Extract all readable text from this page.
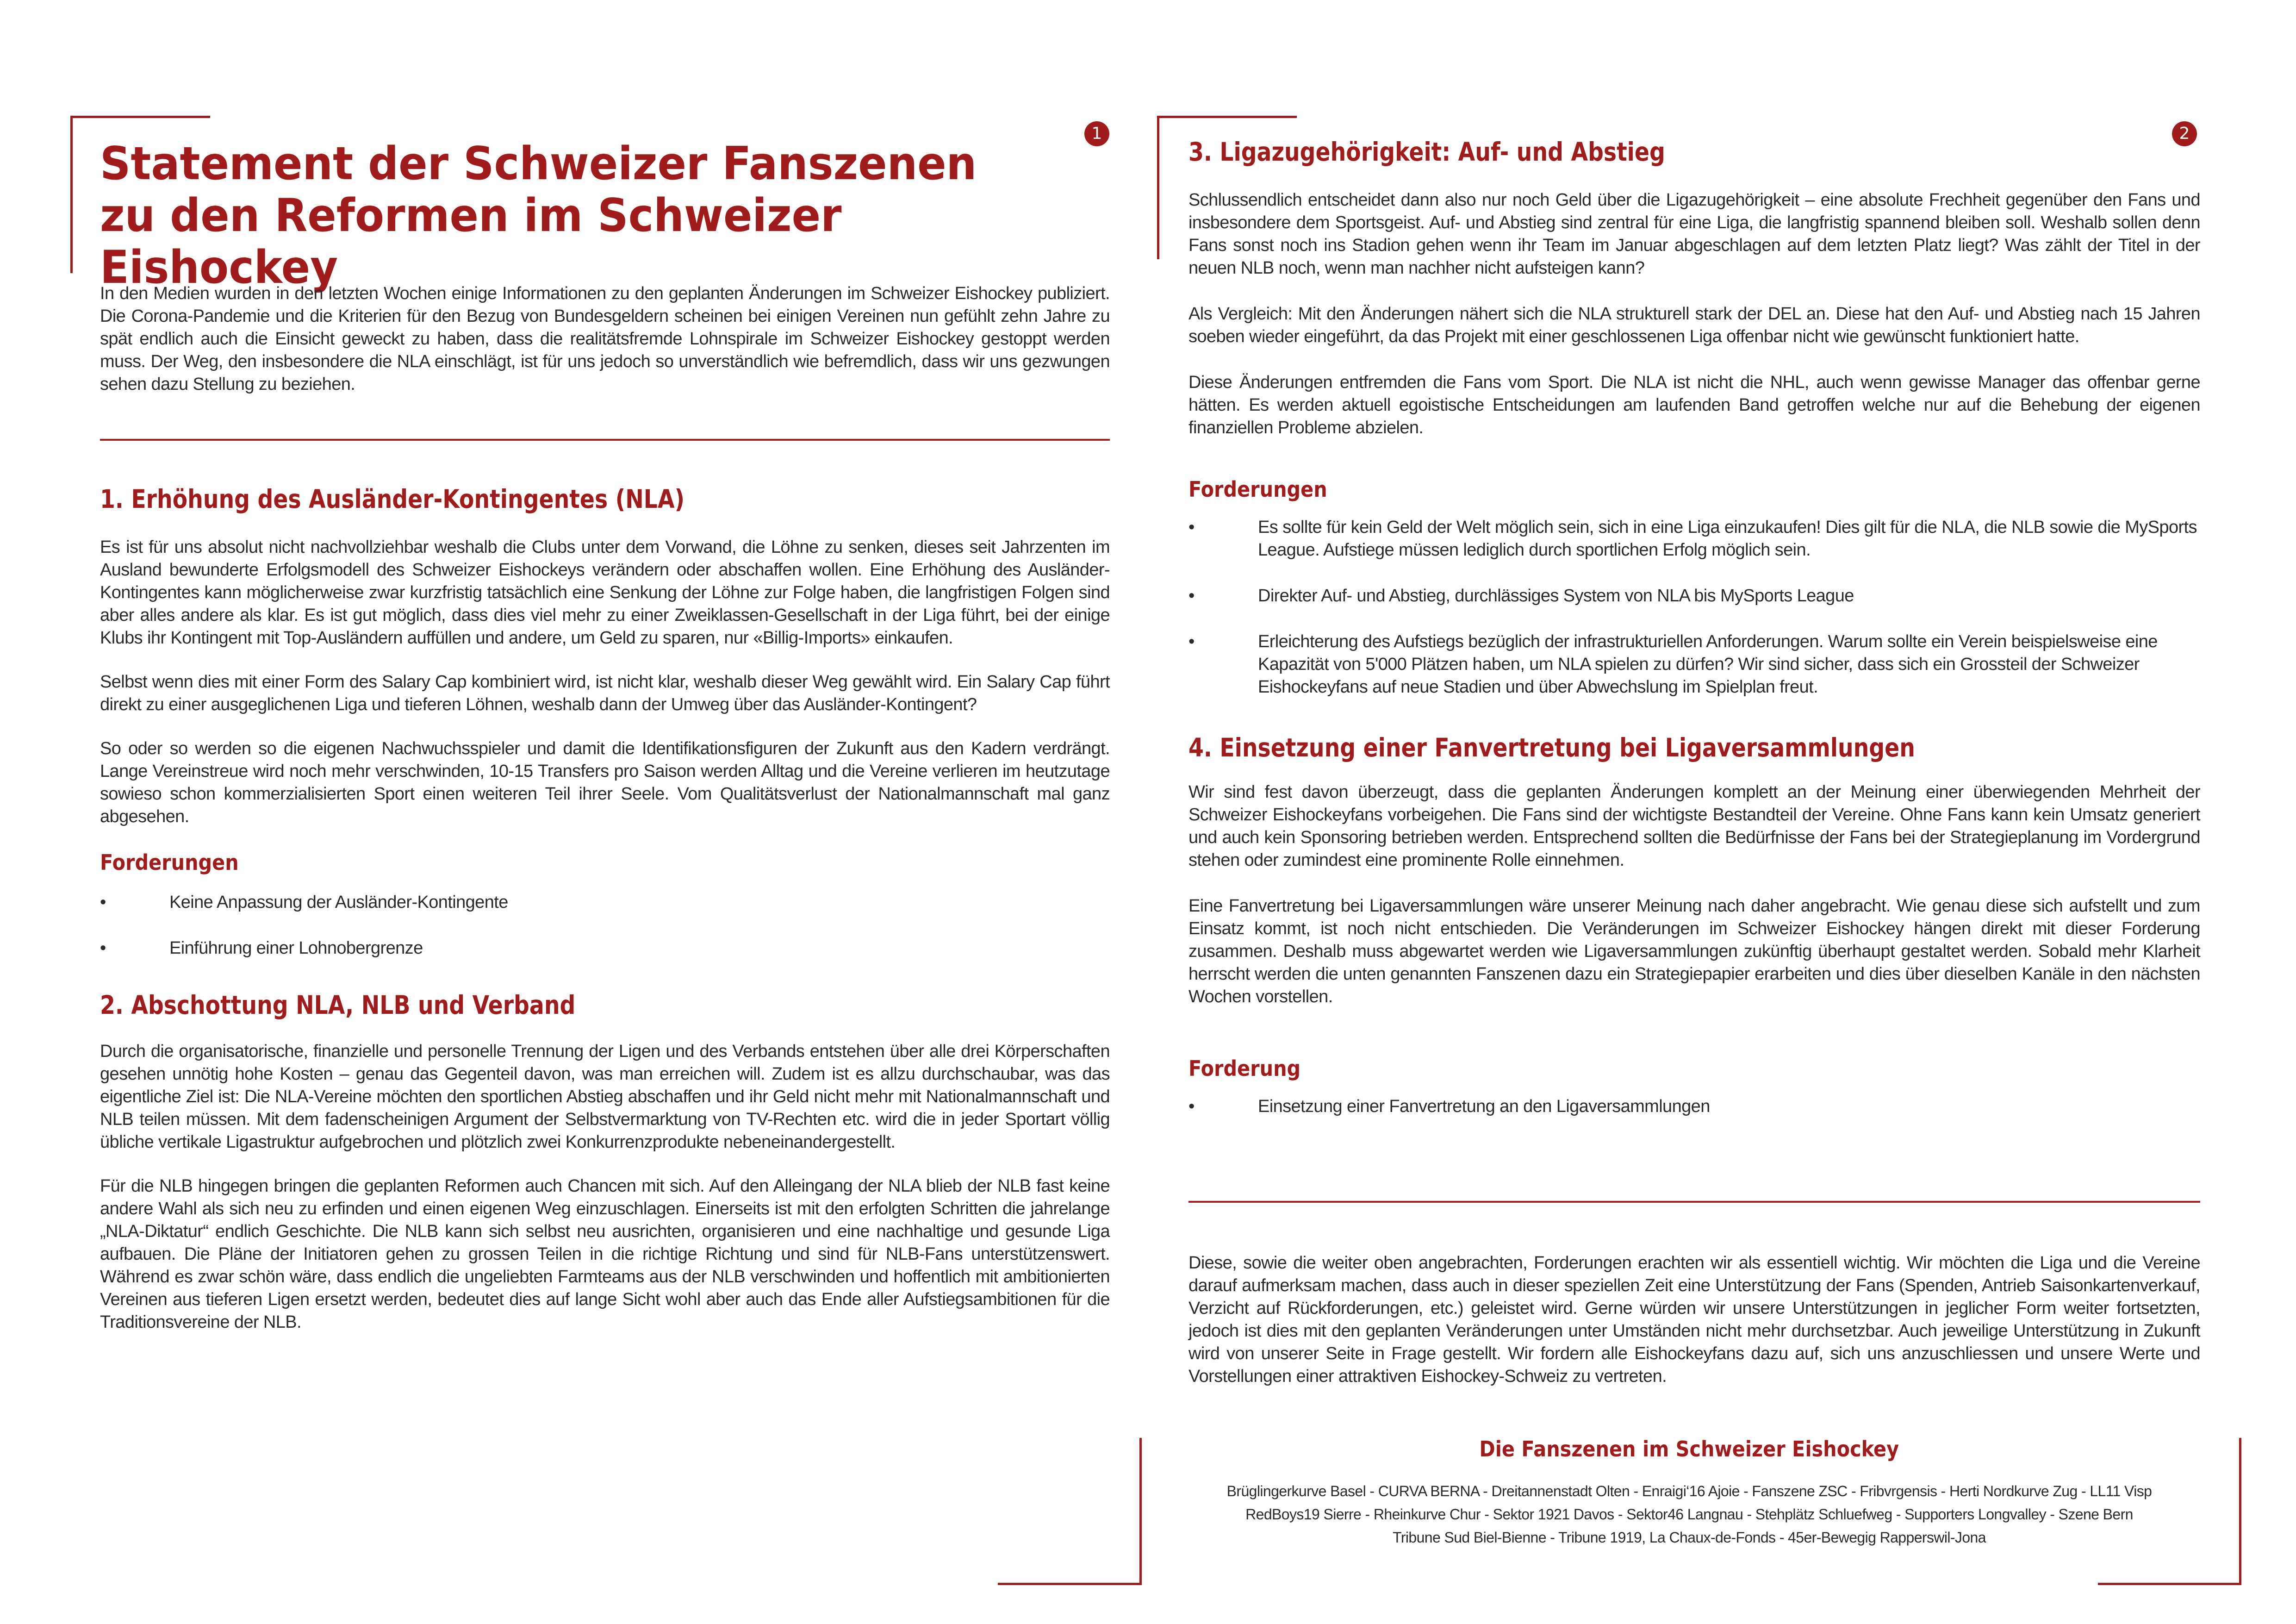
1
Statement der Schweizer Fanszenen
zu den Reformen im Schweizer Eishockey

In den Medien wurden in den letzten Wochen einige Informationen zu den geplanten Änderungen im Schweizer Eishockey publiziert. Die Corona-Pandemie und die Kriterien für den Bezug von Bundesgeldern scheinen bei einigen Vereinen nun gefühlt zehn Jahre zu spät endlich auch die Einsicht geweckt zu haben, dass die realitätsfremde Lohnspirale im Schweizer Eishockey gestoppt werden muss. Der Weg, den insbesondere die NLA einschlägt, ist für uns jedoch so unverständlich wie befremdlich, dass wir uns gezwungen sehen dazu Stellung zu beziehen.

1. Erhöhung des Ausländer-Kontingentes (NLA)

Es ist für uns absolut nicht nachvollziehbar weshalb die Clubs unter dem Vorwand, die Löhne zu senken, dieses seit Jahrzenten im Ausland bewunderte Erfolgsmodell des Schweizer Eishockeys verändern oder abschaffen wollen. Eine Erhöhung des Ausländer-Kontingentes kann möglicherweise zwar kurzfristig tatsächlich eine Senkung der Löhne zur Folge haben, die langfristigen Folgen sind aber alles andere als klar. Es ist gut möglich, dass dies viel mehr zu einer Zweiklassen-Gesellschaft in der Liga führt, bei der einige Klubs ihr Kontingent mit Top-Ausländern auffüllen und andere, um Geld zu sparen, nur «Billig-Imports» einkaufen.

Selbst wenn dies mit einer Form des Salary Cap kombiniert wird, ist nicht klar, weshalb dieser Weg gewählt wird. Ein Salary Cap führt direkt zu einer ausgeglichenen Liga und tieferen Löhnen, weshalb dann der Umweg über das Ausländer-Kontingent?

So oder so werden so die eigenen Nachwuchsspieler und damit die Identifikationsfiguren der Zukunft aus den Kadern verdrängt. Lange Vereinstreue wird noch mehr verschwinden, 10-15 Transfers pro Saison werden Alltag und die Vereine verlieren im heutzutage sowieso schon kommerzialisierten Sport einen weiteren Teil ihrer Seele. Vom Qualitätsverlust der Nationalmannschaft mal ganz abgesehen.

Forderungen
•	Keine Anpassung der Ausländer-Kontingente
•	Einführung einer Lohnobergrenze
2. Abschottung NLA, NLB und Verband

Durch die organisatorische, finanzielle und personelle Trennung der Ligen und des Verbands entstehen über alle drei Körperschaften gesehen unnötig hohe Kosten – genau das Gegenteil davon, was man erreichen will. Zudem ist es allzu durchschaubar, was das eigentliche Ziel ist: Die NLA-Vereine möchten den sportlichen Abstieg abschaffen und ihr Geld nicht mehr mit Nationalmannschaft und NLB teilen müssen. Mit dem fadenscheinigen Argument der Selbstvermarktung von TV-Rechten etc. wird die in jeder Sportart völlig übliche vertikale Ligastruktur aufgebrochen und plötzlich zwei Konkurrenzprodukte nebeneinandergestellt.

Für die NLB hingegen bringen die geplanten Reformen auch Chancen mit sich. Auf den Alleingang der NLA blieb der NLB fast keine andere Wahl als sich neu zu erfinden und einen eigenen Weg einzuschlagen. Einerseits ist mit den erfolgten Schritten die jahrelange „NLA-Diktatur“ endlich Geschichte. Die NLB kann sich selbst neu ausrichten, organisieren und eine nachhaltige und gesunde Liga aufbauen. Die Pläne der Initiatoren gehen zu grossen Teilen in die richtige Richtung und sind für NLB-Fans unterstützenswert. Während es zwar schön wäre, dass endlich die ungeliebten Farmteams aus der NLB verschwinden und hoffentlich mit ambitionierten Vereinen aus tieferen Ligen ersetzt werden, bedeutet dies auf lange Sicht wohl aber auch das Ende aller Aufstiegsambitionen für die Traditionsvereine der NLB.

2
3. Ligazugehörigkeit: Auf- und Abstieg

Schlussendlich entscheidet dann also nur noch Geld über die Ligazugehörigkeit – eine absolute Frechheit gegenüber den Fans und insbesondere dem Sportsgeist. Auf- und Abstieg sind zentral für eine Liga, die langfristig spannend bleiben soll. Weshalb sollen denn Fans sonst noch ins Stadion gehen wenn ihr Team im Januar abgeschlagen auf dem letzten Platz liegt? Was zählt der Titel in der neuen NLB noch, wenn man nachher nicht aufsteigen kann?

Als Vergleich: Mit den Änderungen nähert sich die NLA strukturell stark der DEL an. Diese hat den Auf- und Abstieg nach 15 Jahren soeben wieder eingeführt, da das Projekt mit einer geschlossenen Liga offenbar nicht wie gewünscht funktioniert hatte.

Diese Änderungen entfremden die Fans vom Sport. Die NLA ist nicht die NHL, auch wenn gewisse Manager das offenbar gerne hätten. Es werden aktuell egoistische Entscheidungen am laufenden Band getroffen welche nur auf die Behebung der eigenen finanziellen Probleme abzielen.

Forderungen
•	Es sollte für kein Geld der Welt möglich sein, sich in eine Liga einzukaufen! Dies gilt für die NLA, die NLB sowie die MySports League. Aufstiege müssen lediglich durch sportlichen Erfolg möglich sein.
•	Direkter Auf- und Abstieg, durchlässiges System von NLA bis MySports League
•	Erleichterung des Aufstiegs bezüglich der infrastrukturiellen Anforderungen. Warum sollte ein Verein beispielsweise eine Kapazität von 5'000 Plätzen haben, um NLA spielen zu dürfen? Wir sind sicher, dass sich ein Grossteil der Schweizer Eishockeyfans auf neue Stadien und über Abwechslung im Spielplan freut.
4. Einsetzung einer Fanvertretung bei Ligaversammlungen

Wir sind fest davon überzeugt, dass die geplanten Änderungen komplett an der Meinung einer überwiegenden Mehrheit der Schweizer Eishockeyfans vorbeigehen. Die Fans sind der wichtigste Bestandteil der Vereine. Ohne Fans kann kein Umsatz generiert und auch kein Sponsoring betrieben werden. Entsprechend sollten die Bedürfnisse der Fans bei der Strategieplanung im Vordergrund stehen oder zumindest eine prominente Rolle einnehmen.

Eine Fanvertretung bei Ligaversammlungen wäre unserer Meinung nach daher angebracht. Wie genau diese sich aufstellt und zum Einsatz kommt, ist noch nicht entschieden. Die Veränderungen im Schweizer Eishockey hängen direkt mit dieser Forderung zusammen. Deshalb muss abgewartet werden wie Ligaversammlungen zukünftig überhaupt gestaltet werden. Sobald mehr Klarheit herrscht werden die unten genannten Fanszenen dazu ein Strategiepapier erarbeiten und dies über dieselben Kanäle in den nächsten Wochen vorstellen.

Forderung
•	Einsetzung einer Fanvertretung an den Ligaversammlungen

Diese, sowie die weiter oben angebrachten, Forderungen erachten wir als essentiell wichtig. Wir möchten die Liga und die Vereine darauf aufmerksam machen, dass auch in dieser speziellen Zeit eine Unterstützung der Fans (Spenden, Antrieb Saisonkartenverkauf, Verzicht auf Rückforderungen, etc.) geleistet wird. Gerne würden wir unsere Unterstützungen in jeglicher Form weiter fortsetzten, jedoch ist dies mit den geplanten Veränderungen unter Umständen nicht mehr durchsetzbar. Auch jeweilige Unterstützung in Zukunft wird von unserer Seite in Frage gestellt. Wir fordern alle Eishockeyfans dazu auf, sich uns anzuschliessen und unsere Werte und Vorstellungen einer attraktiven Eishockey-Schweiz zu vertreten.

Die Fanszenen im Schweizer Eishockey
Brüglingerkurve Basel - CURVA BERNA - Dreitannenstadt Olten - Enraigi‘16 Ajoie - Fanszene ZSC - Fribvrgensis - Herti Nordkurve Zug - LL11 Visp
RedBoys19 Sierre - Rheinkurve Chur - Sektor 1921 Davos - Sektor46 Langnau - Stehplätz Schluefweg - Supporters Longvalley - Szene Bern
Tribune Sud Biel-Bienne - Tribune 1919, La Chaux-de-Fonds - 45er-Bewegig Rapperswil-Jona
